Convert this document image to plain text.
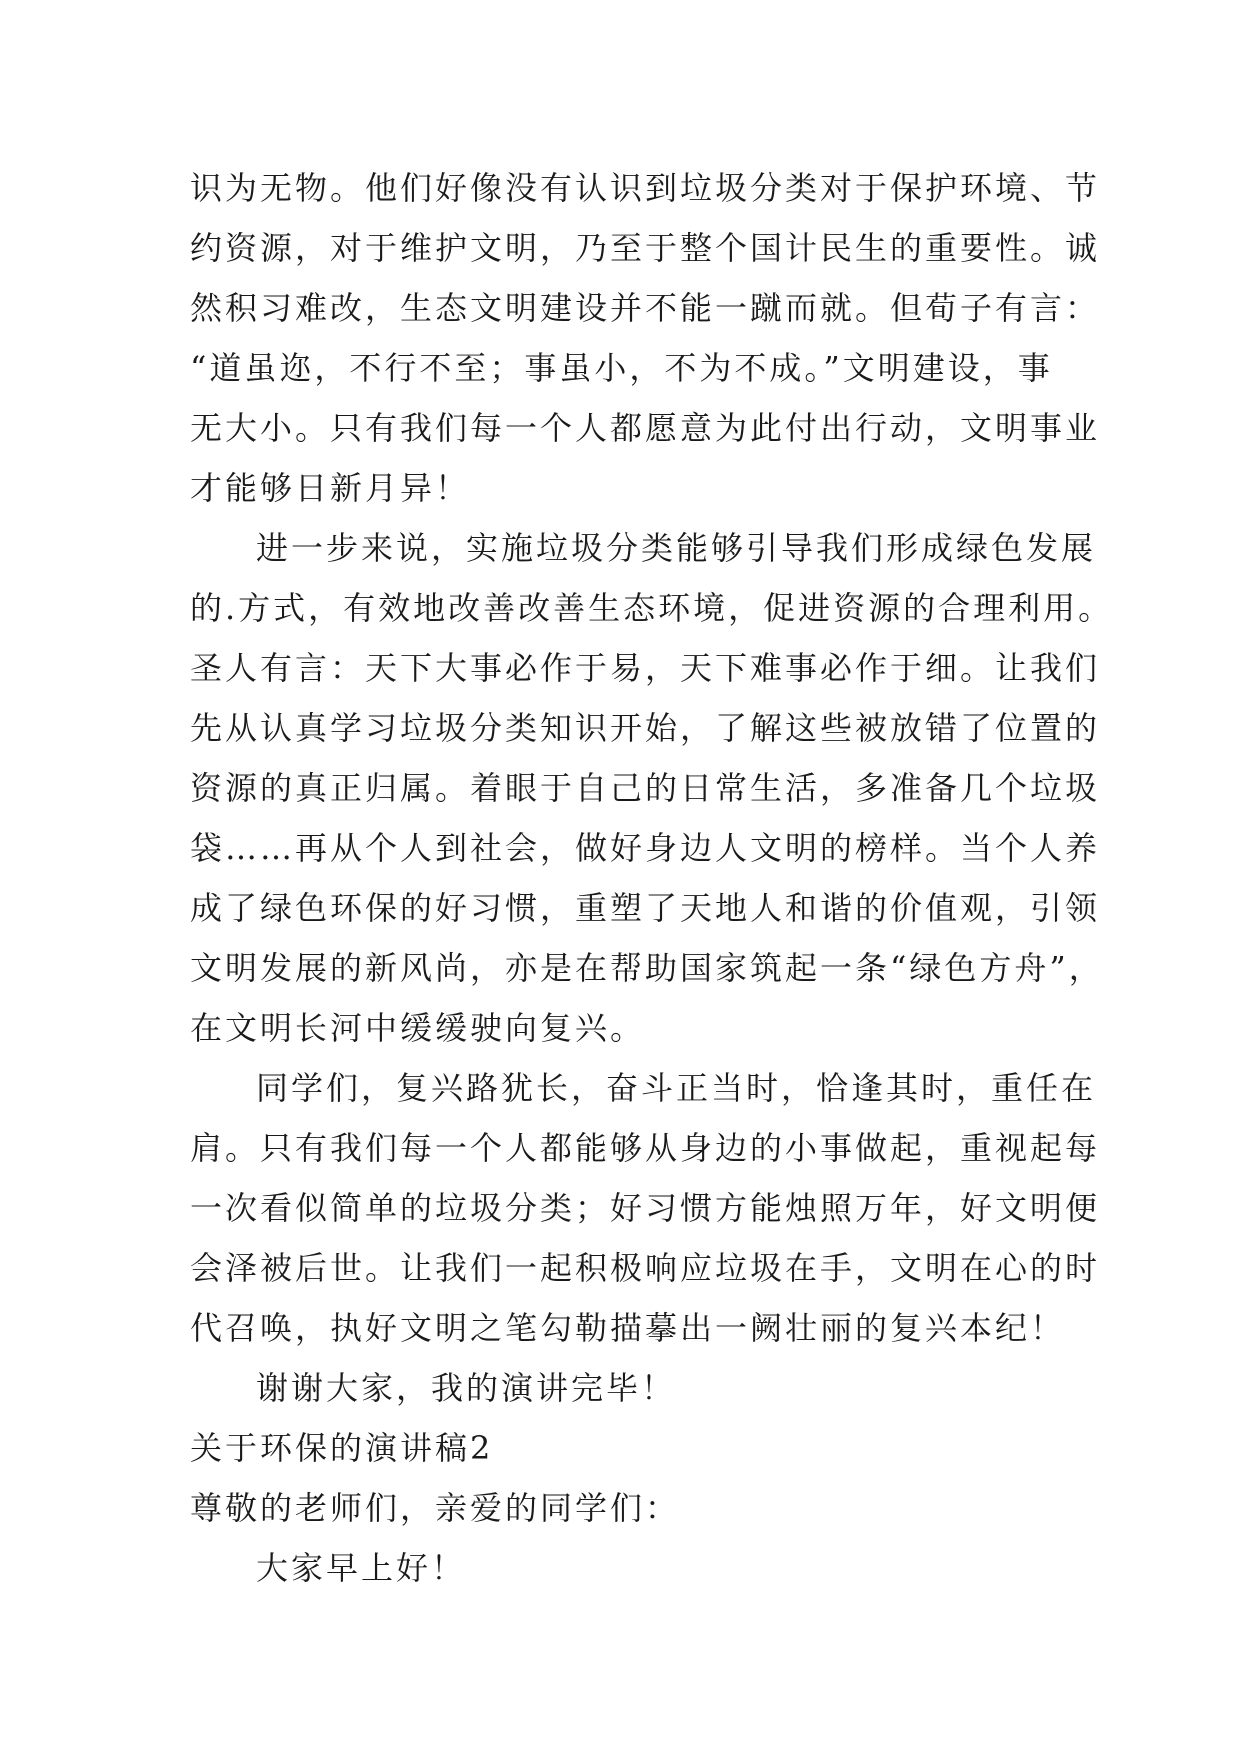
识为无物。他们好像没有认识到垃圾分类对于保护环境、节
约资源，对于维护文明，乃至于整个国计民生的重要性。诚
然积习难改，生态文明建设并不能一蹴而就。但荀子有言：
“道虽迩，不行不至；事虽小，不为不成。”文明建设，事
无大小。只有我们每一个人都愿意为此付出行动，文明事业
才能够日新月异！
进一步来说，实施垃圾分类能够引导我们形成绿色发展
的.方式，有效地改善改善生态环境，促进资源的合理利用。
圣人有言：天下大事必作于易，天下难事必作于细。让我们
先从认真学习垃圾分类知识开始，了解这些被放错了位置的
资源的真正归属。着眼于自己的日常生活，多准备几个垃圾
袋……再从个人到社会，做好身边人文明的榜样。当个人养
成了绿色环保的好习惯，重塑了天地人和谐的价值观，引领
文明发展的新风尚，亦是在帮助国家筑起一条“绿色方舟”，
在文明长河中缓缓驶向复兴。
同学们，复兴路犹长，奋斗正当时，恰逢其时，重任在
肩。只有我们每一个人都能够从身边的小事做起，重视起每
一次看似简单的垃圾分类；好习惯方能烛照万年，好文明便
会泽被后世。让我们一起积极响应垃圾在手，文明在心的时
代召唤，执好文明之笔勾勒描摹出一阙壮丽的复兴本纪！
谢谢大家，我的演讲完毕！
关于环保的演讲稿2
尊敬的老师们，亲爱的同学们：
大家早上好！
